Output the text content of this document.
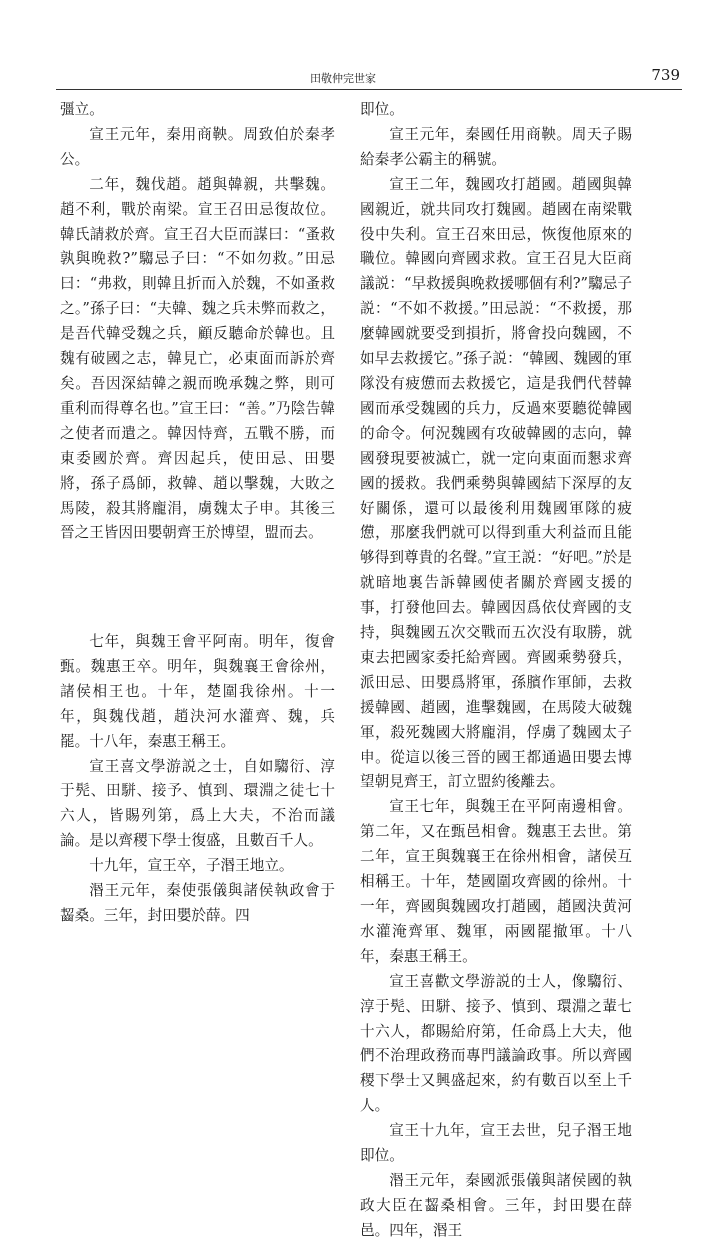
田敬仲完世家	739

彊立。

宣王元年，秦用商鞅。周致伯於秦孝公。

二年，魏伐趙。趙與韓親，共擊魏。趙不利，戰於南梁。宣王召田忌復故位。韓氏請救於齊。宣王召大臣而謀曰：“蚤救孰與晚救?”騶忌子曰：“不如勿救。”田忌曰：“弗救，則韓且折而入於魏，不如蚤救之。”孫子曰：“夫韓、魏之兵未弊而救之，是吾代韓受魏之兵，顧反聽命於韓也。且魏有破國之志，韓見亡，必東面而訴於齊矣。吾因深結韓之親而晚承魏之弊，則可重利而得尊名也。”宣王曰：“善。”乃陰告韓之使者而遣之。韓因恃齊，五戰不勝，而東委國於齊。齊因起兵，使田忌、田嬰將，孫子爲師，救韓、趙以擊魏，大敗之馬陵，殺其將龐涓，虜魏太子申。其後三晉之王皆因田嬰朝齊王於博望，盟而去。

七年，與魏王會平阿南。明年，復會甄。魏惠王卒。明年，與魏襄王會徐州，諸侯相王也。十年，楚圍我徐州。十一年，與魏伐趙，趙決河水灌齊、魏，兵罷。十八年，秦惠王稱王。

宣王喜文學游説之士，自如騶衍、淳于髡、田駢、接予、慎到、環淵之徒七十六人，皆賜列第，爲上大夫，不治而議論。是以齊稷下學士復盛，且數百千人。

十九年，宣王卒，子湣王地立。

湣王元年，秦使張儀與諸侯執政會于齧桑。三年，封田嬰於薛。四

即位。

宣王元年，秦國任用商鞅。周天子賜給秦孝公霸主的稱號。

宣王二年，魏國攻打趙國。趙國與韓國親近，就共同攻打魏國。趙國在南梁戰役中失利。宣王召來田忌，恢復他原來的職位。韓國向齊國求救。宣王召見大臣商議説：“早救援與晚救援哪個有利?”騶忌子説：“不如不救援。”田忌説：“不救援，那麼韓國就要受到損折，將會投向魏國，不如早去救援它。”孫子説：“韓國、魏國的軍隊没有疲憊而去救援它，這是我們代替韓國而承受魏國的兵力，反過來要聽從韓國的命令。何況魏國有攻破韓國的志向，韓國發現要被滅亡，就一定向東面而懇求齊國的援救。我們乘勢與韓國結下深厚的友好關係，還可以最後利用魏國軍隊的疲憊，那麼我們就可以得到重大利益而且能够得到尊貴的名聲。”宣王説：“好吧。”於是就暗地裏告訴韓國使者關於齊國支援的事，打發他回去。韓國因爲依仗齊國的支持，與魏國五次交戰而五次没有取勝，就東去把國家委托給齊國。齊國乘勢發兵，派田忌、田嬰爲將軍，孫臏作軍師，去救援韓國、趙國，進擊魏國，在馬陵大破魏軍，殺死魏國大將龐涓，俘虜了魏國太子申。從這以後三晉的國王都通過田嬰去博望朝見齊王，訂立盟約後離去。

宣王七年，與魏王在平阿南邊相會。第二年，又在甄邑相會。魏惠王去世。第二年，宣王與魏襄王在徐州相會，諸侯互相稱王。十年，楚國圍攻齊國的徐州。十一年，齊國與魏國攻打趙國，趙國決黄河水灌淹齊軍、魏軍，兩國罷撤軍。十八年，秦惠王稱王。

宣王喜歡文學游説的士人，像騶衍、淳于髡、田駢、接予、慎到、環淵之輩七十六人，都賜給府第，任命爲上大夫，他們不治理政務而專門議論政事。所以齊國稷下學士又興盛起來，約有數百以至上千人。

宣王十九年，宣王去世，兒子湣王地即位。

湣王元年，秦國派張儀與諸侯國的執政大臣在齧桑相會。三年，封田嬰在薛邑。四年，湣王
